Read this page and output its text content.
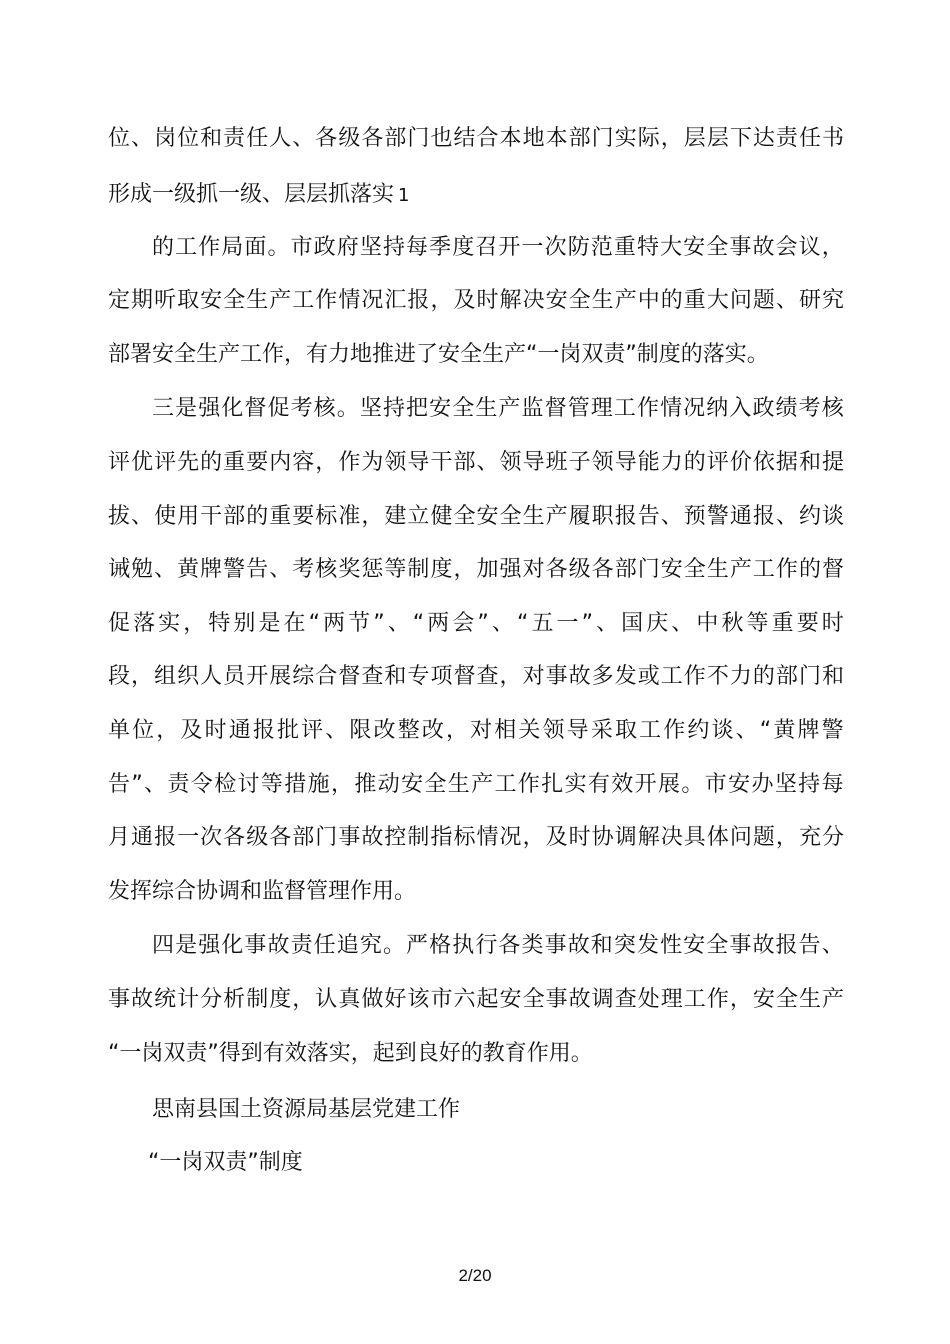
位 、 岗 位 和 责 任 人 、 各 级 各 部 门 也 结 合 本 地 本 部 门 实 际 ， 层 层 下 达 责 任 书
形成一级抓一级、层层抓落实 1
的 工 作 局 面 。 市 政 府 坚 持 每 季 度 召 开 一 次 防 范 重 特 大 安 全 事 故 会 议 ，
定 期 听 取 安 全 生 产 工 作 情 况 汇 报 ， 及 时 解 决 安 全 生 产 中 的 重 大 问 题 、 研 究
部署安全生产工作，有力地推进了安全生产“一岗双责”制度的落实。
三 是 强 化 督 促 考 核 。 坚 持 把 安 全 生 产 监 督 管 理 工 作 情 况 纳 入 政 绩 考 核
评 优 评 先 的 重 要 内 容 ， 作 为 领 导 干 部 、 领 导 班 子 领 导 能 力 的 评 价 依 据 和 提
拔 、 使 用 干 部 的 重 要 标 准 ， 建 立 健 全 安 全 生 产 履 职 报 告 、 预 警 通 报 、 约 谈
诫 勉 、 黄 牌 警 告 、 考 核 奖 惩 等 制 度 ， 加 强 对 各 级 各 部 门 安 全 生 产 工 作 的 督
促 落 实 ， 特 别 是 在 “ 两 节 ” 、 “ 两 会 ” 、 “ 五 一 ” 、 国 庆 、 中 秋 等 重 要 时
段 ， 组 织 人 员 开 展 综 合 督 查 和 专 项 督 查 ， 对 事 故 多 发 或 工 作 不 力 的 部 门 和
单 位 ， 及 时 通 报 批 评 、 限 改 整 改 ， 对 相 关 领 导 采 取 工 作 约 谈 、 “ 黄 牌 警
告 ” 、 责 令 检 讨 等 措 施 ， 推 动 安 全 生 产 工 作 扎 实 有 效 开 展 。 市 安 办 坚 持 每
月 通 报 一 次 各 级 各 部 门 事 故 控 制 指 标 情 况 ， 及 时 协 调 解 决 具 体 问 题 ， 充 分
发挥综合协调和监督管理作用。
四 是 强 化 事 故 责 任 追 究 。 严 格 执 行 各 类 事 故 和 突 发 性 安 全 事 故 报 告 、
事 故 统 计 分 析 制 度 ， 认 真 做 好 该 市 六 起 安 全 事 故 调 查 处 理 工 作 ， 安 全 生 产
“一岗双责”得到有效落实，起到良好的教育作用。
思南县国土资源局基层党建工作
“一岗双责”制度
2/20
